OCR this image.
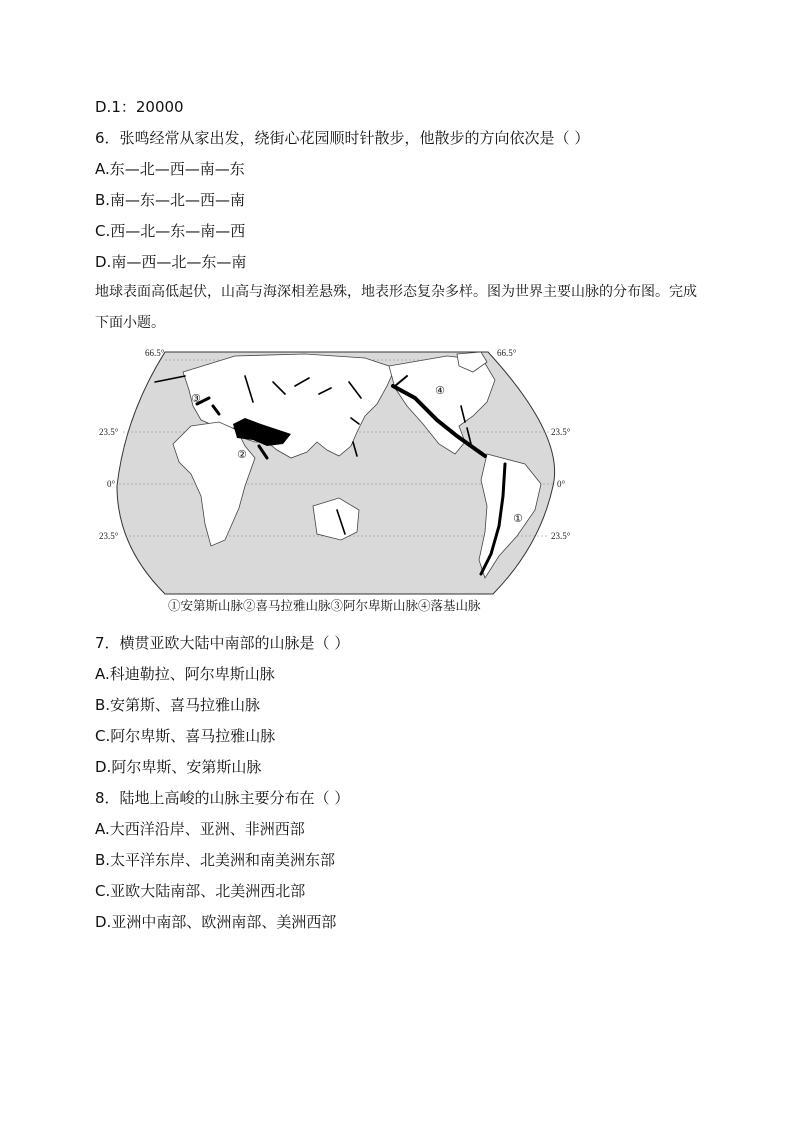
D.1：20000
6．张鸣经常从家出发，绕街心花园顺时针散步，他散步的方向依次是（ ）
A.东—北—西—南—东
B.南—东—北—西—南
C.西—北—东—南—西
D.南—西—北—东—南
地球表面高低起伏，山高与海深相差悬殊，地表形态复杂多样。图为世界主要山脉的分布图。完成下面小题。
66.5°	66.5°
23.5°	23.5°
0°	0°
23.5°	23.5°
①
②
③
④
①安第斯山脉②喜马拉雅山脉③阿尔卑斯山脉④落基山脉
7．横贯亚欧大陆中南部的山脉是（ ）
A.科迪勒拉、阿尔卑斯山脉
B.安第斯、喜马拉雅山脉
C.阿尔卑斯、喜马拉雅山脉
D.阿尔卑斯、安第斯山脉
8．陆地上高峻的山脉主要分布在（ ）
A.大西洋沿岸、亚洲、非洲西部
B.太平洋东岸、北美洲和南美洲东部
C.亚欧大陆南部、北美洲西北部
D.亚洲中南部、欧洲南部、美洲西部
